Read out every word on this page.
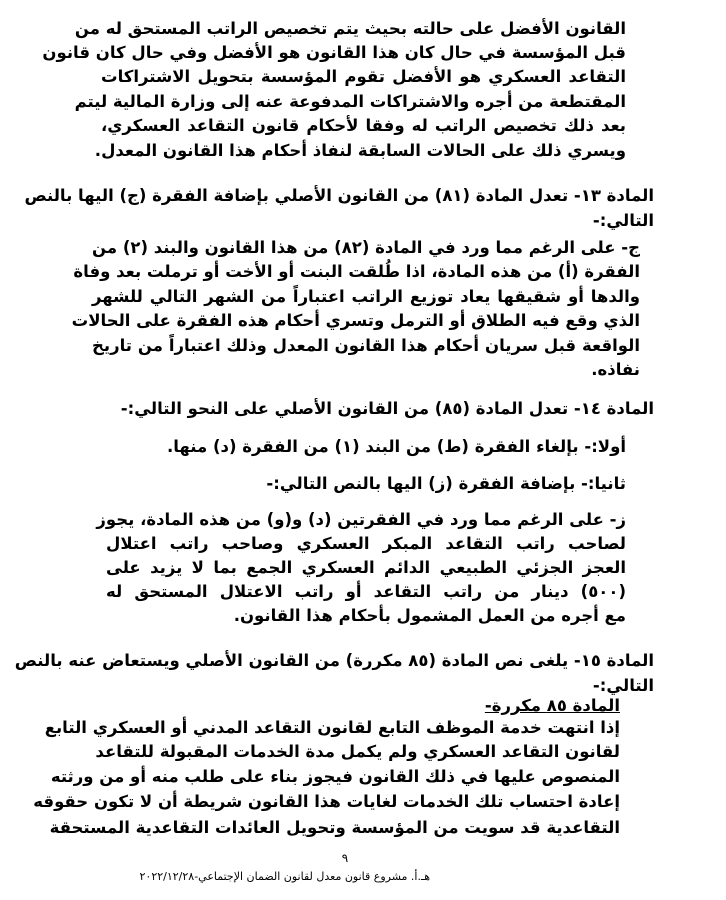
القانون الأفضل على حالته بحيث يتم تخصيص الراتب المستحق له من
قبل المؤسسة في حال كان هذا القانون هو الأفضل وفي حال كان قانون
التقاعد العسكري هو الأفضل تقوم المؤسسة بتحويل الاشتراكات
المقتطعة من أجره والاشتراكات المدفوعة عنه إلى وزارة المالية ليتم
بعد ذلك تخصيص الراتب له وفقا لأحكام قانون التقاعد العسكري،
ويسري ذلك على الحالات السابقة لنفاذ أحكام هذا القانون المعدل.
المادة ١٣- تعدل المادة (٨١) من القانون الأصلي بإضافة الفقرة (ج) اليها بالنص
التالي:-
ج- على الرغم مما ورد في المادة (٨٢) من هذا القانون والبند (٢) من
الفقرة (أ) من هذه المادة، اذا طُلقت البنت أو الأخت أو ترملت بعد وفاة
والدها أو شقيقها يعاد توزيع الراتب اعتباراً من الشهر التالي للشهر
الذي وقع فيه الطلاق أو الترمل وتسري أحكام هذه الفقرة على الحالات
الواقعة قبل سريان أحكام هذا القانون المعدل وذلك اعتباراً من تاريخ
نفاذه.
المادة ١٤- تعدل المادة (٨٥) من القانون الأصلي على النحو التالي:-
أولا:- بإلغاء الفقرة (ط) من البند (١) من الفقرة (د) منها.
ثانيا:- بإضافة الفقرة (ز) اليها بالنص التالي:-
ز- على الرغم مما ورد في الفقرتين (د) و(و) من هذه المادة، يجوز
لصاحب راتب التقاعد المبكر العسكري وصاحب راتب اعتلال
العجز الجزئي الطبيعي الدائم العسكري الجمع بما لا يزيد على
(٥٠٠) دينار من راتب التقاعد أو راتب الاعتلال المستحق له
مع أجره من العمل المشمول بأحكام هذا القانون.
المادة ١٥- يلغى نص المادة (٨٥ مكررة) من القانون الأصلي ويستعاض عنه بالنص
التالي:-
المادة ٨٥ مكررة-
إذا انتهت خدمة الموظف التابع لقانون التقاعد المدني أو العسكري التابع
لقانون التقاعد العسكري ولم يكمل مدة الخدمات المقبولة للتقاعد
المنصوص عليها في ذلك القانون فيجوز بناء على طلب منه أو من ورثته
إعادة احتساب تلك الخدمات لغايات هذا القانون شريطة أن لا تكون حقوقه
التقاعدية قد سويت من المؤسسة وتحويل العائدات التقاعدية المستحقة
٩
هـ.أ. مشروع قانون معدل لقانون الضمان الإجتماعي-٢٠٢٢/١٢/٢٨
